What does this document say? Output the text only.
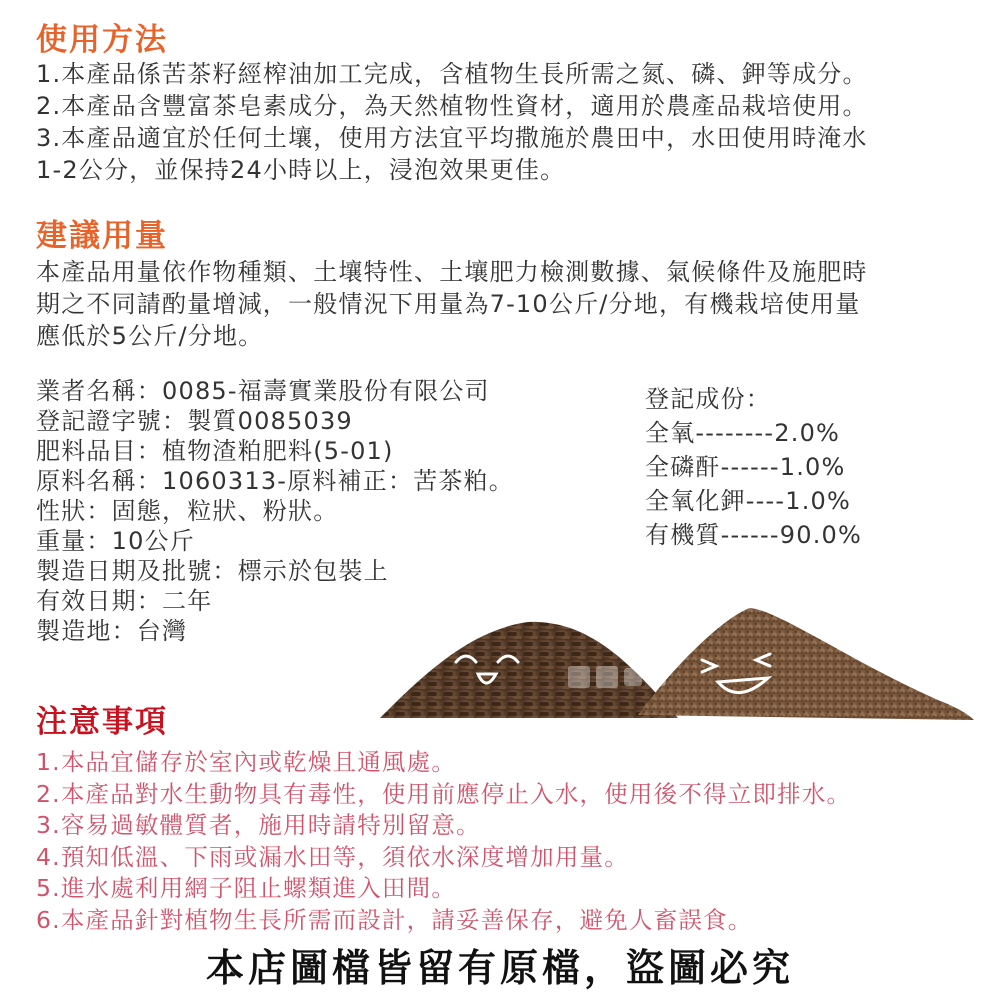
使用方法
1.本產品係苦茶籽經榨油加工完成，含植物生長所需之氮、磷、鉀等成分。
2.本產品含豐富茶皂素成分，為天然植物性資材，適用於農產品栽培使用。
3.本產品適宜於任何土壤，使用方法宜平均撒施於農田中，水田使用時淹水
1-2公分，並保持24小時以上，浸泡效果更佳。
建議用量
本產品用量依作物種類、土壤特性、土壤肥力檢測數據、氣候條件及施肥時
期之不同請酌量增減，一般情況下用量為7-10公斤/分地，有機栽培使用量
應低於5公斤/分地。
業者名稱：0085-福壽實業股份有限公司
登記證字號：製質0085039
肥料品目：植物渣粕肥料(5-01)
原料名稱：1060313-原料補正：苦茶粕。
性狀：固態，粒狀、粉狀。
重量：10公斤
製造日期及批號：標示於包裝上
有效日期：二年
製造地：台灣
登記成份：
全氧--------2.0%
全磷酐------1.0%
全氧化鉀----1.0%
有機質------90.0%
注意事項
1.本品宜儲存於室內或乾燥且通風處。
2.本產品對水生動物具有毒性，使用前應停止入水，使用後不得立即排水。
3.容易過敏體質者，施用時請特別留意。
4.預知低溫、下雨或漏水田等，須依水深度增加用量。
5.進水處利用網子阻止螺類進入田間。
6.本產品針對植物生長所需而設計，請妥善保存，避免人畜誤食。
本店圖檔皆留有原檔，盜圖必究
